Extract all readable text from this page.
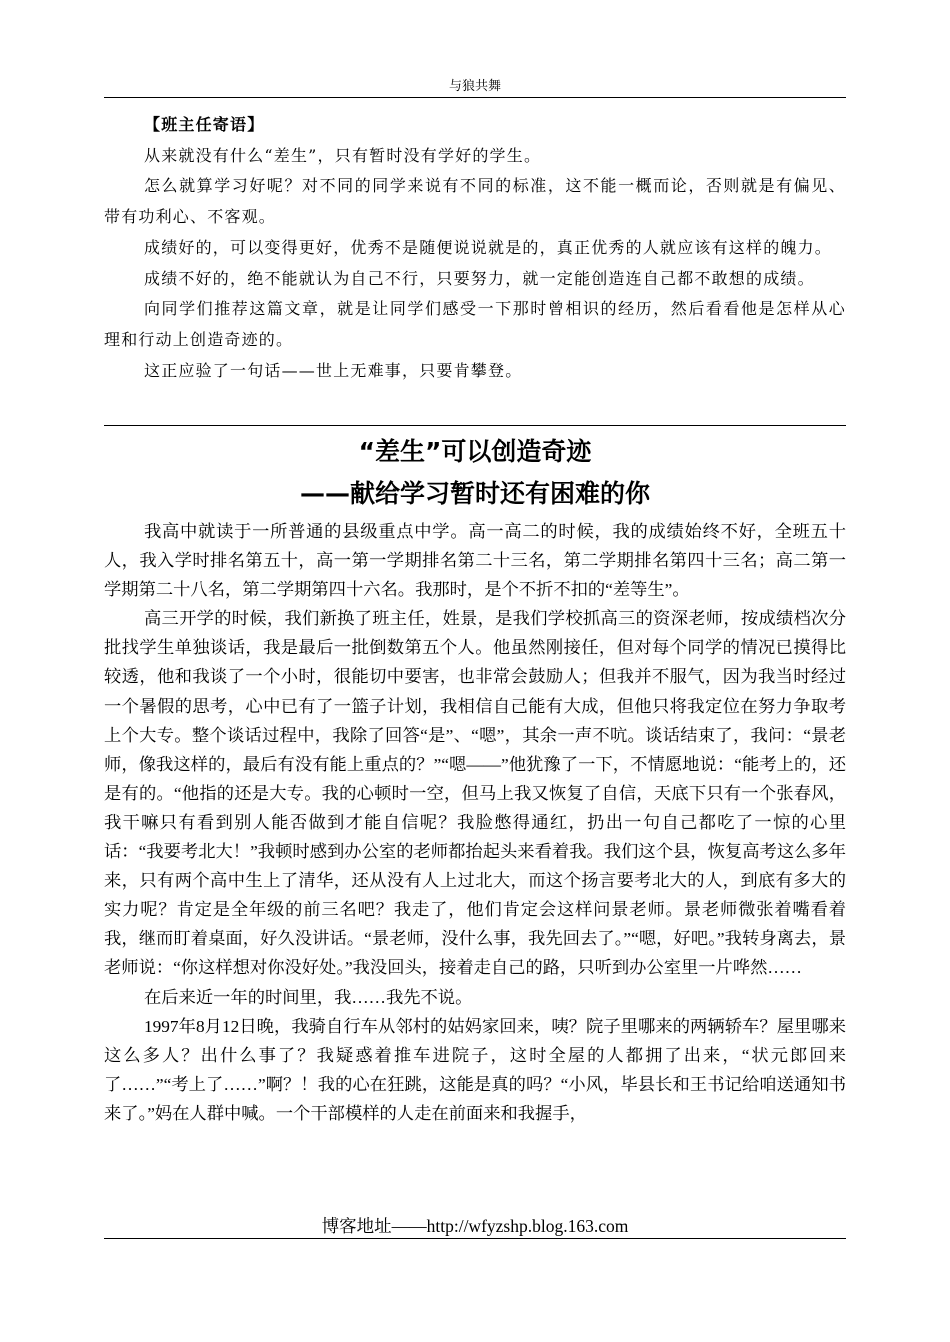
与狼共舞

【班主任寄语】

从来就没有什么“差生”，只有暂时没有学好的学生。

怎么就算学习好呢？对不同的同学来说有不同的标准，这不能一概而论，否则就是有偏见、带有功利心、不客观。

成绩好的，可以变得更好，优秀不是随便说说就是的，真正优秀的人就应该有这样的魄力。

成绩不好的，绝不能就认为自己不行，只要努力，就一定能创造连自己都不敢想的成绩。

向同学们推荐这篇文章，就是让同学们感受一下那时曾相识的经历，然后看看他是怎样从心理和行动上创造奇迹的。

这正应验了一句话——世上无难事，只要肯攀登。

“差生”可以创造奇迹
——献给学习暂时还有困难的你

我高中就读于一所普通的县级重点中学。高一高二的时候，我的成绩始终不好，全班五十人，我入学时排名第五十，高一第一学期排名第二十三名，第二学期排名第四十三名；高二第一学期第二十八名，第二学期第四十六名。我那时，是个不折不扣的“差等生”。

高三开学的时候，我们新换了班主任，姓景，是我们学校抓高三的资深老师，按成绩档次分批找学生单独谈话，我是最后一批倒数第五个人。他虽然刚接任，但对每个同学的情况已摸得比较透，他和我谈了一个小时，很能切中要害，也非常会鼓励人；但我并不服气，因为我当时经过一个暑假的思考，心中已有了一篮子计划，我相信自己能有大成，但他只将我定位在努力争取考上个大专。整个谈话过程中，我除了回答“是”、“嗯”，其余一声不吭。谈话结束了，我问：“景老师，像我这样的，最后有没有能上重点的？”“嗯——”他犹豫了一下，不情愿地说：“能考上的，还是有的。“他指的还是大专。我的心顿时一空，但马上我又恢复了自信，天底下只有一个张春风，我干嘛只有看到别人能否做到才能自信呢？我脸憋得通红，扔出一句自己都吃了一惊的心里话：“我要考北大！”我顿时感到办公室的老师都抬起头来看着我。我们这个县，恢复高考这么多年来，只有两个高中生上了清华，还从没有人上过北大，而这个扬言要考北大的人，到底有多大的实力呢？肯定是全年级的前三名吧？我走了，他们肯定会这样问景老师。景老师微张着嘴看着我，继而盯着桌面，好久没讲话。“景老师，没什么事，我先回去了。”“嗯，好吧。”我转身离去，景老师说：“你这样想对你没好处。”我没回头，接着走自己的路，只听到办公室里一片哗然……

在后来近一年的时间里，我……我先不说。

1997年8月12日晚，我骑自行车从邻村的姑妈家回来，咦？院子里哪来的两辆轿车？屋里哪来这么多人？出什么事了？我疑惑着推车进院子，这时全屋的人都拥了出来，“状元郎回来了……”“考上了……”啊？！我的心在狂跳，这能是真的吗？“小风，毕县长和王书记给咱送通知书来了。”妈在人群中喊。一个干部模样的人走在前面来和我握手，

博客地址——http://wfyzshp.blog.163.com
